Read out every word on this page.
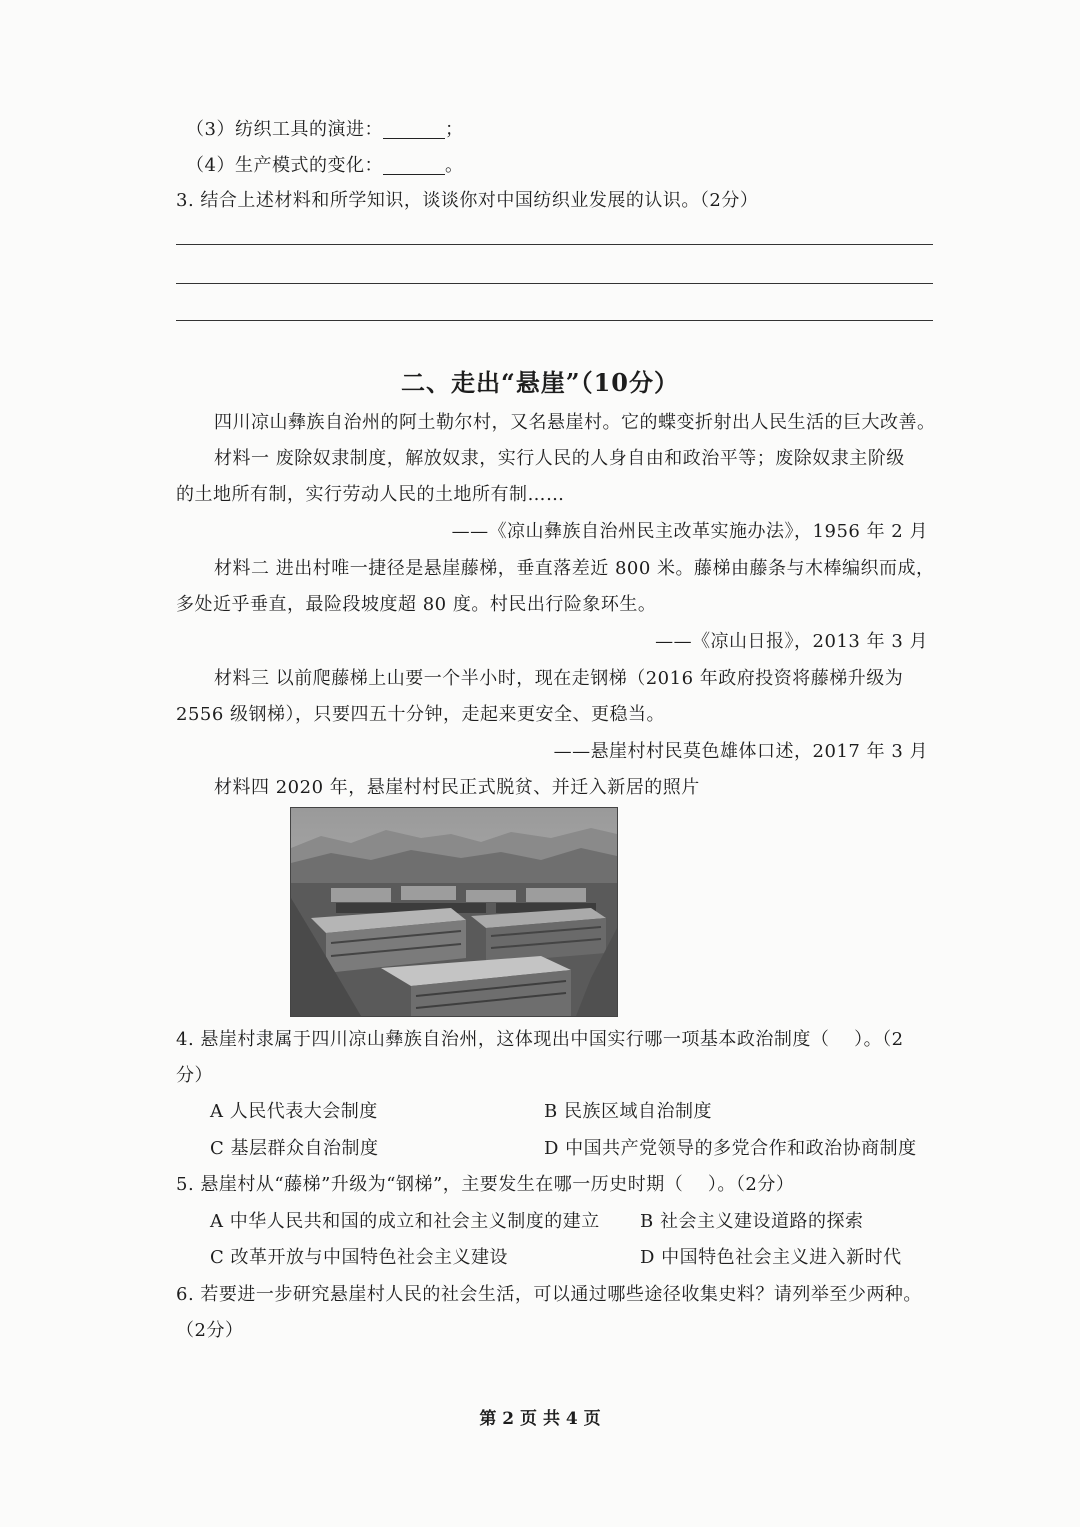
（3）纺织工具的演进：	；
（4）生产模式的变化：	。
3. 结合上述材料和所学知识，谈谈你对中国纺织业发展的认识。（2分）
二、走出“悬崖”（10分）
四川凉山彝族自治州的阿土勒尔村，又名悬崖村。它的蝶变折射出人民生活的巨大改善。
材料一 废除奴隶制度，解放奴隶，实行人民的人身自由和政治平等；废除奴隶主阶级
的土地所有制，实行劳动人民的土地所有制……
——《凉山彝族自治州民主改革实施办法》，1956 年 2 月
材料二 进出村唯一捷径是悬崖藤梯，垂直落差近 800 米。藤梯由藤条与木棒编织而成，
多处近乎垂直，最险段坡度超 80 度。村民出行险象环生。
——《凉山日报》，2013 年 3 月
材料三 以前爬藤梯上山要一个半小时，现在走钢梯（2016 年政府投资将藤梯升级为
2556 级钢梯），只要四五十分钟，走起来更安全、更稳当。
——悬崖村村民莫色雄体口述，2017 年 3 月
材料四 2020 年，悬崖村村民正式脱贫、并迁入新居的照片
4. 悬崖村隶属于四川凉山彝族自治州，这体现出中国实行哪一项基本政治制度（　 ）。（2
分）
A 人民代表大会制度	B 民族区域自治制度
C 基层群众自治制度	D 中国共产党领导的多党合作和政治协商制度
5. 悬崖村从“藤梯”升级为“钢梯”，主要发生在哪一历史时期（　 ）。（2分）
A 中华人民共和国的成立和社会主义制度的建立 B 社会主义建设道路的探索
C 改革开放与中国特色社会主义建设	D 中国特色社会主义进入新时代
6. 若要进一步研究悬崖村人民的社会生活，可以通过哪些途径收集史料？请列举至少两种。
（2分）
第 2 页 共 4 页
